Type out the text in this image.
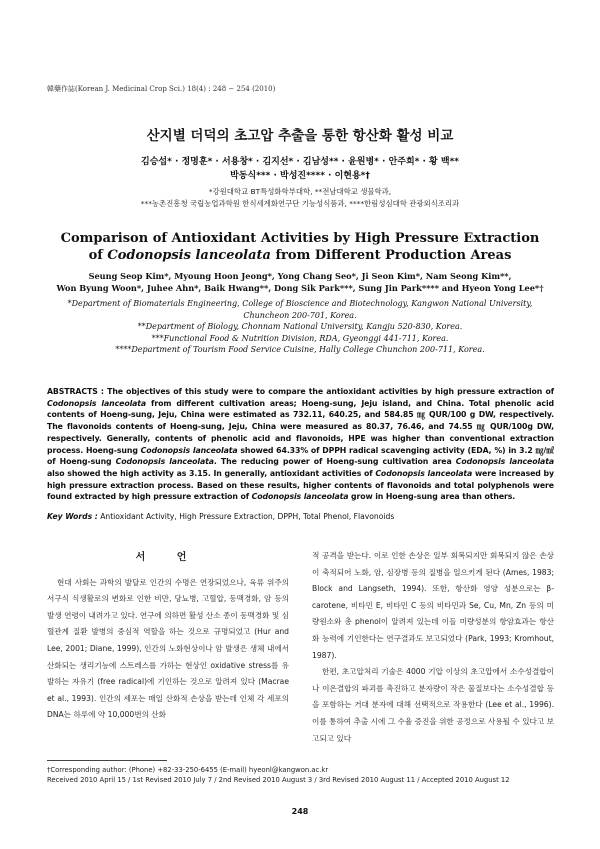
韓藥作誌(Korean J. Medicinal Crop Sci.) 18(4) : 248 − 254 (2010)
산지별 더덕의 초고압 추출을 통한 항산화 활성 비교
김승섭* · 정명훈* · 서용창* · 김지선* · 김남성** · 윤원병* · 안주희* · 황 백**
박동식*** · 박성진**** · 이현용*†
*강원대학교 BT특성화학부대학, **전남대학교 생물학과,
***농촌진흥청 국립농업과학원 한식세계화연구단 기능성식품과, ****한림성심대학 관광외식조리과
Comparison of Antioxidant Activities by High Pressure Extraction
of Codonopsis lanceolata from Different Production Areas
Seung Seop Kim*, Myoung Hoon Jeong*, Yong Chang Seo*, Ji Seon Kim*, Nam Seong Kim**,
Won Byung Woon*, Juhee Ahn*, Baik Hwang**, Dong Sik Park***, Sung Jin Park**** and Hyeon Yong Lee*†
*Department of Biomaterials Engineering, College of Bioscience and Biotechnology, Kangwon National University,
Chuncheon 200-701, Korea.
**Department of Biology, Chonnam National University, Kangju 520-830, Korea.
***Functional Food & Nutrition Division, RDA, Gyeonggi 441-711, Korea.
****Department of Tourism Food Service Cuisine, Hally College Chunchon 200-711, Korea.
ABSTRACTS : The objectives of this study were to compare the antioxidant activities by high pressure extraction of Codonopsis lanceolata from different cultivation areas; Hoeng-sung, Jeju island, and China. Total phenolic acid contents of Hoeng-sung, Jeju, China were estimated as 732.11, 640.25, and 584.85 ㎎ QUR/100 g DW, respectively. The flavonoids contents of Hoeng-sung, Jeju, China were measured as 80.37, 76.46, and 74.55 ㎎ QUR/100g DW, respectively. Generally, contents of phenolic acid and flavonoids, HPE was higher than conventional extraction process. Hoeng-sung Codonopsis lanceolata showed 64.33% of DPPH radical scavenging activity (EDA, %) in 3.2 ㎎/㎖ of Hoeng-sung Codonopsis lanceolata. The reducing power of Hoeng-sung cultivation area Codonopsis lanceolata also showed the high activity as 3.15. In generally, antioxidant activities of Codonopsis lanceolata were increased by high pressure extraction process. Based on these results, higher contents of flavonoids and total polyphenols were found extracted by high pressure extraction of Codonopsis lanceolata grow in Hoeng-sung area than others.
Key Words : Antioxidant Activity, High Pressure Extraction, DPPH, Total Phenol, Flavonoids
서 언

현대 사회는 과학의 발달로 인간의 수명은 연장되었으나, 육류 위주의 서구식 식생활로의 변화로 인한 비만, 당뇨병, 고혈압, 동맥경화, 암 등의 발생 연령이 내려가고 있다. 연구에 의하면 활성 산소 종이 동맥경화 및 심혈관계 질환 발병의 중심적 역할을 하는 것으로 규명되었고 (Hur and Lee, 2001; Diane, 1999), 인간의 노화현상이나 암 발생은 생체 내에서 산화되는 생리기능에 스트레스를 가하는 현상인 oxidative stress를 유발하는 자유기 (free radical)에 기인하는 것으로 알려져 있다 (Macrae et al., 1993). 인간의 세포는 매일 산화적 손상을 받는데 인체 각 세포의 DNA는 하루에 약 10,000번의 산화

적 공격을 받는다. 이로 인한 손상은 일부 회복되지만 회복되지 않은 손상이 축적되어 노화, 암, 심장병 등의 질병을 일으키게 된다 (Ames, 1983; Block and Langseth, 1994). 또한, 항산화 영양 성분으로는 β-carotene, 비타민 E, 비타민 C 등의 비타민과 Se, Cu, Mn, Zn 등의 미량원소와 총 phenol이 알려져 있는데 이들 미량성분의 항암효과는 항산화 능력에 기인한다는 연구결과도 보고되었다 (Park, 1993; Kromhout, 1987).

한편, 초고압처리 기술은 4000 기압 이상의 초고압에서 소수성결합이나 이온결합의 파괴를 촉진하고 분자량이 작은 물질보다는 소수성결합 등을 포함하는 거대 분자에 대해 선택적으로 작용한다 (Lee et al., 1996). 이를 통하여 추출 시에 그 수율 증진을 위한 공정으로 사용될 수 있다고 보고되고 있다

†Corresponding author: (Phone) +82-33-250-6455 (E-mail) hyeonl@kangwon.ac.kr
Received 2010 April 15 / 1st Revised 2010 July 7 / 2nd Revised 2010 August 3 / 3rd Revised 2010 August 11 / Accepted 2010 August 12
248
